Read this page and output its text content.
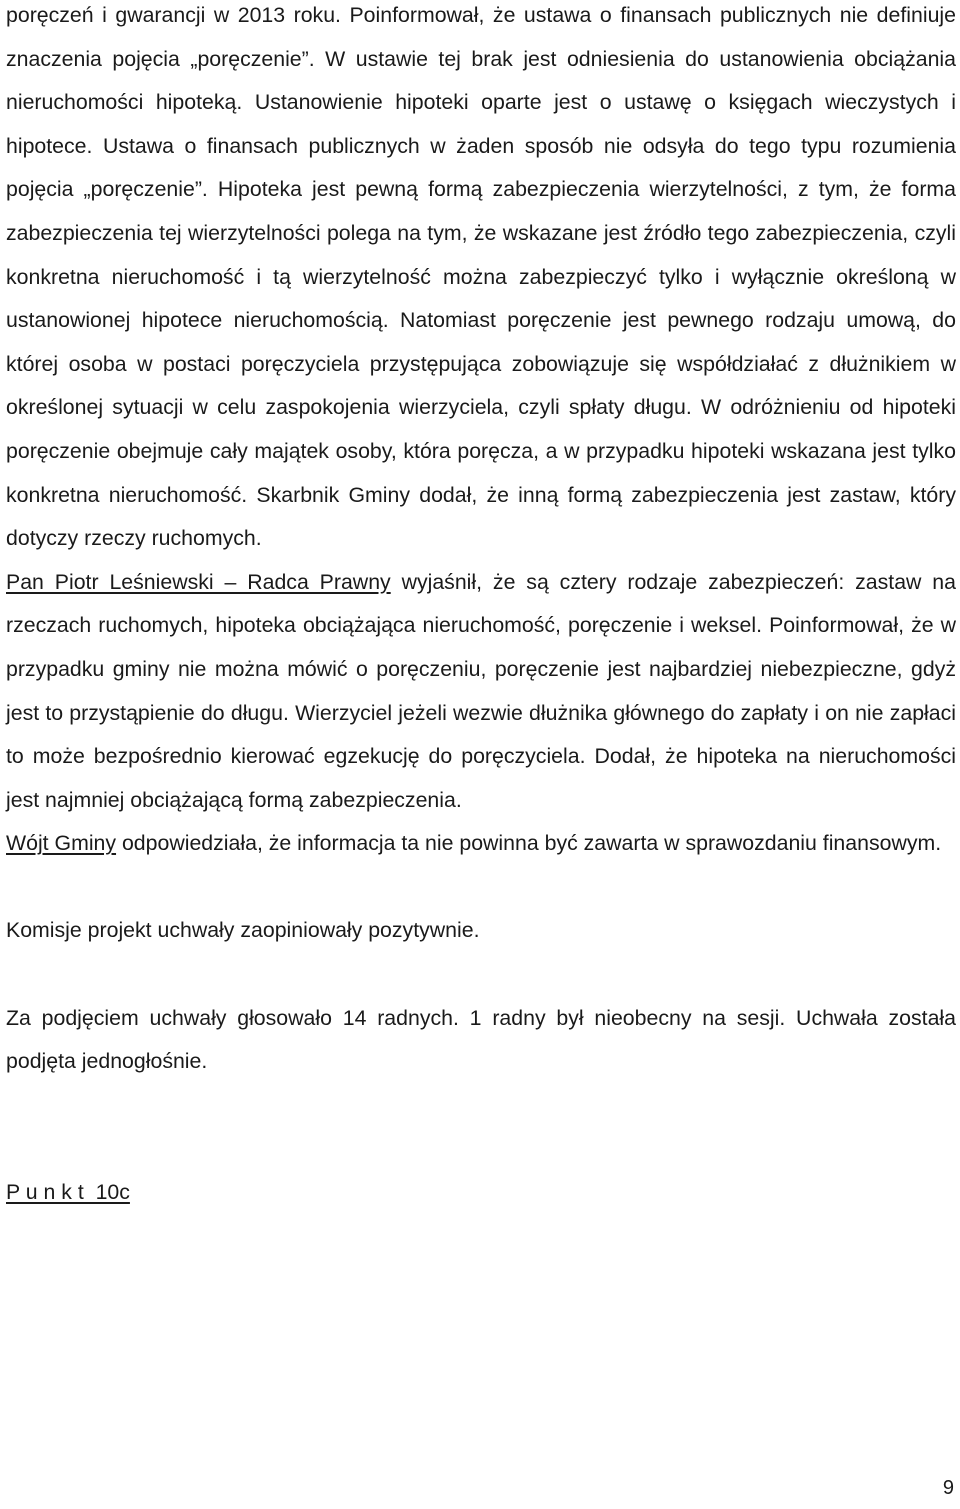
poręczeń i gwarancji w 2013 roku. Poinformował, że ustawa o finansach publicznych nie definiuje znaczenia pojęcia „poręczenie”. W ustawie tej brak jest odniesienia do ustanowienia obciążania nieruchomości hipoteką. Ustanowienie hipoteki oparte jest o ustawę o księgach wieczystych i hipotece. Ustawa o finansach publicznych w żaden sposób nie odsyła do tego typu rozumienia pojęcia „poręczenie”. Hipoteka jest pewną formą zabezpieczenia wierzytelności, z tym, że forma zabezpieczenia tej wierzytelności polega na tym, że wskazane jest źródło tego zabezpieczenia, czyli konkretna nieruchomość i tą wierzytelność można zabezpieczyć tylko i wyłącznie określoną w ustanowionej hipotece nieruchomością. Natomiast poręczenie jest pewnego rodzaju umową, do której osoba w postaci poręczyciela przystępująca zobowiązuje się współdziałać z dłużnikiem w określonej sytuacji w celu zaspokojenia wierzyciela, czyli spłaty długu. W odróżnieniu od hipoteki poręczenie obejmuje cały majątek osoby, która poręcza, a w przypadku hipoteki wskazana jest tylko konkretna nieruchomość. Skarbnik Gminy dodał, że inną formą zabezpieczenia jest zastaw, który dotyczy rzeczy ruchomych.

Pan Piotr Leśniewski – Radca Prawny wyjaśnił, że są cztery rodzaje zabezpieczeń: zastaw na rzeczach ruchomych, hipoteka obciążająca nieruchomość, poręczenie i weksel. Poinformował, że w przypadku gminy nie można mówić o poręczeniu, poręczenie jest najbardziej niebezpieczne, gdyż jest to przystąpienie do długu. Wierzyciel jeżeli wezwie dłużnika głównego do zapłaty i on nie zapłaci to może bezpośrednio kierować egzekucję do poręczyciela. Dodał, że hipoteka na nieruchomości jest najmniej obciążającą formą zabezpieczenia.

Wójt Gminy odpowiedziała, że informacja ta nie powinna być zawarta w sprawozdaniu finansowym.

Komisje projekt uchwały zaopiniowały pozytywnie.

Za podjęciem uchwały głosowało 14 radnych. 1 radny był nieobecny na sesji. Uchwała została podjęta jednogłośnie.

P u n k t  10c

9
